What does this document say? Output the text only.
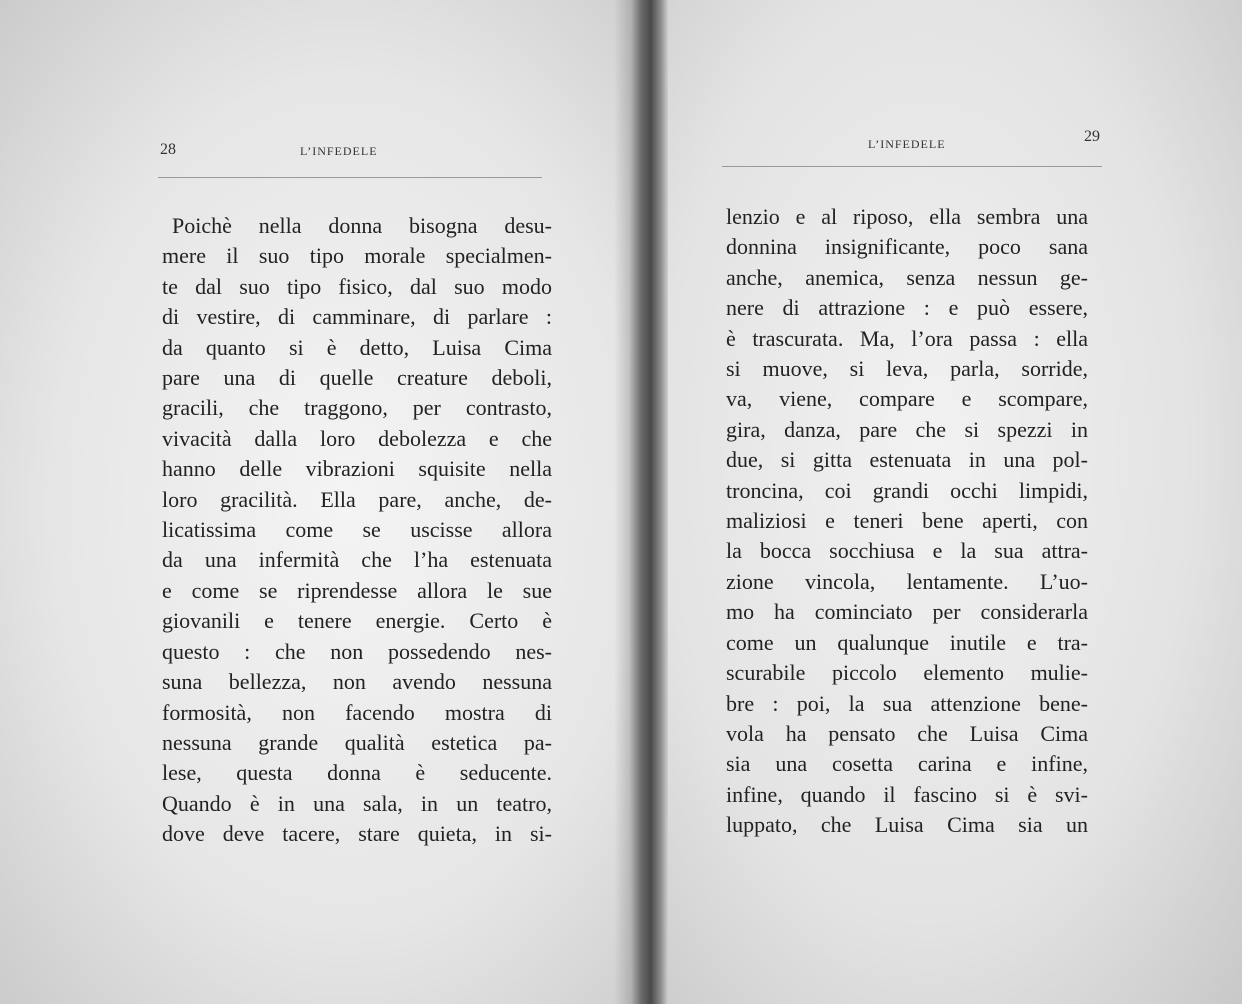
28	L’INFEDELE	L’INFEDELE	29
Poichè nella donna bisogna desu-
mere il suo tipo morale specialmen-
te dal suo tipo fisico, dal suo modo
di vestire, di camminare, di parlare :
da quanto si è detto, Luisa Cima
pare una di quelle creature deboli,
gracili, che traggono, per contrasto,
vivacità dalla loro debolezza e che
hanno delle vibrazioni squisite nella
loro gracilità. Ella pare, anche, de-
licatissima come se uscisse allora
da una infermità che l’ha estenuata
e come se riprendesse allora le sue
giovanili e tenere energie. Certo è
questo : che non possedendo nes-
suna bellezza, non avendo nessuna
formosità, non facendo mostra di
nessuna grande qualità estetica pa-
lese, questa donna è seducente.
Quando è in una sala, in un teatro,
dove deve tacere, stare quieta, in si-
lenzio e al riposo, ella sembra una
donnina insignificante, poco sana
anche, anemica, senza nessun ge-
nere di attrazione : e può essere,
è trascurata. Ma, l’ora passa : ella
si muove, si leva, parla, sorride,
va, viene, compare e scompare,
gira, danza, pare che si spezzi in
due, si gitta estenuata in una pol-
troncina, coi grandi occhi limpidi,
maliziosi e teneri bene aperti, con
la bocca socchiusa e la sua attra-
zione vincola, lentamente. L’uo-
mo ha cominciato per considerarla
come un qualunque inutile e tra-
scurabile piccolo elemento mulie-
bre : poi, la sua attenzione bene-
vola ha pensato che Luisa Cima
sia una cosetta carina e infine,
infine, quando il fascino si è svi-
luppato, che Luisa Cima sia un
